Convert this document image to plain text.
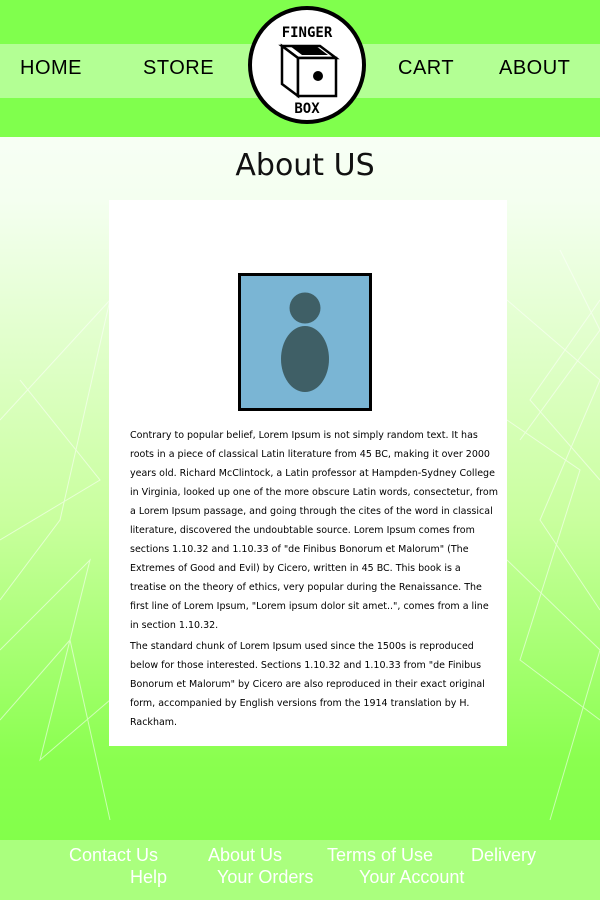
HOME	STORE	CART ABOUT
FINGER
BOX
About US

Contrary to popular belief, Lorem Ipsum is not simply random text. It has roots in a piece of classical Latin literature from 45 BC, making it over 2000 years old. Richard McClintock, a Latin professor at Hampden-Sydney College in Virginia, looked up one of the more obscure Latin words, consectetur, from a Lorem Ipsum passage, and going through the cites of the word in classical literature, discovered the undoubtable source. Lorem Ipsum comes from sections 1.10.32 and 1.10.33 of "de Finibus Bonorum et Malorum" (The Extremes of Good and Evil) by Cicero, written in 45 BC. This book is a treatise on the theory of ethics, very popular during the Renaissance. The first line of Lorem Ipsum, "Lorem ipsum dolor sit amet..", comes from a line in section 1.10.32.

The standard chunk of Lorem Ipsum used since the 1500s is reproduced below for those interested. Sections 1.10.32 and 1.10.33 from "de Finibus Bonorum et Malorum" by Cicero are also reproduced in their exact original form, accompanied by English versions from the 1914 translation by H. Rackham.

Contact Us	About Us Terms of Use Delivery
Help	Your Orders	Your Account
